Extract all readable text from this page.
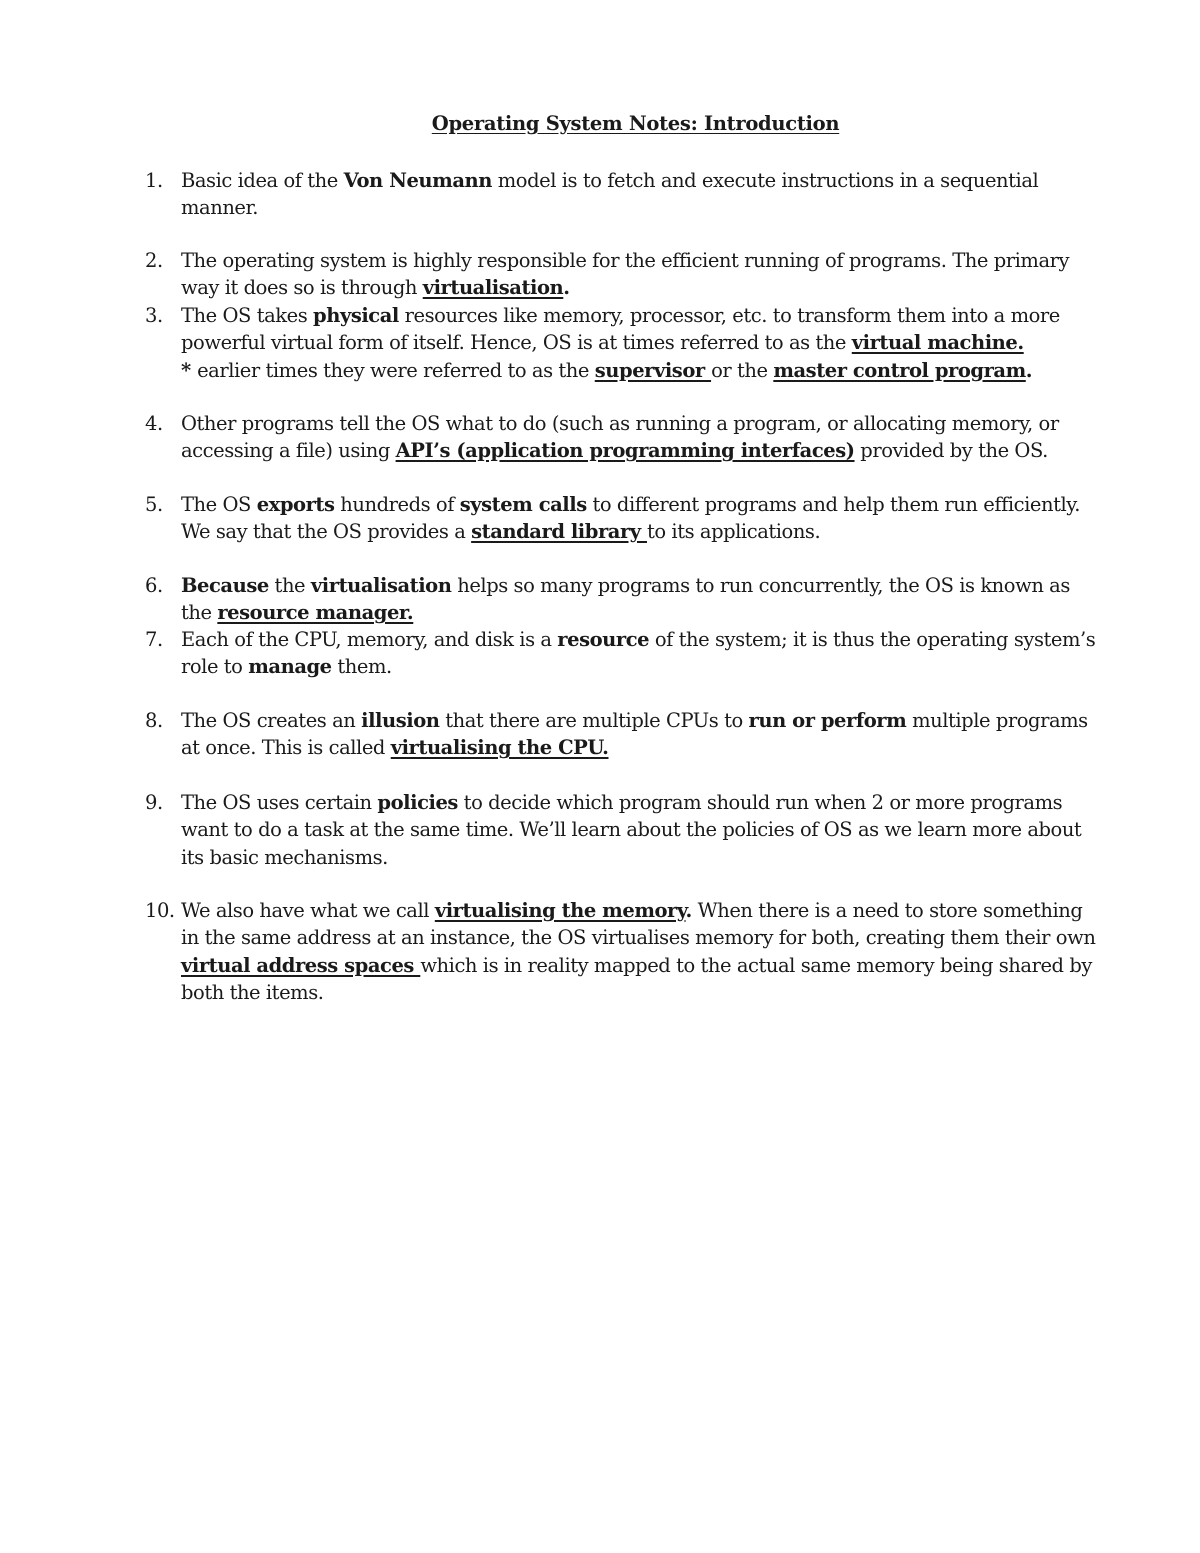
Operating System Notes: Introduction
1. Basic idea of the Von Neumann model is to fetch and execute instructions in a sequential manner.
2. The operating system is highly responsible for the efficient running of programs. The primary way it does so is through virtualisation.
3. The OS takes physical resources like memory, processor, etc. to transform them into a more powerful virtual form of itself. Hence, OS is at times referred to as the virtual machine.
* earlier times they were referred to as the supervisor or the master control program.
4. Other programs tell the OS what to do (such as running a program, or allocating memory, or accessing a file) using API’s (application programming interfaces) provided by the OS.
5. The OS exports hundreds of system calls to different programs and help them run efficiently. We say that the OS provides a standard library to its applications.
6. Because the virtualisation helps so many programs to run concurrently, the OS is known as the resource manager.
7. Each of the CPU, memory, and disk is a resource of the system; it is thus the operating system’s role to manage them.
8. The OS creates an illusion that there are multiple CPUs to run or perform multiple programs at once. This is called virtualising the CPU.
9. The OS uses certain policies to decide which program should run when 2 or more programs want to do a task at the same time. We’ll learn about the policies of OS as we learn more about its basic mechanisms.
10. We also have what we call virtualising the memory. When there is a need to store something in the same address at an instance, the OS virtualises memory for both, creating them their own virtual address spaces which is in reality mapped to the actual same memory being shared by both the items.
